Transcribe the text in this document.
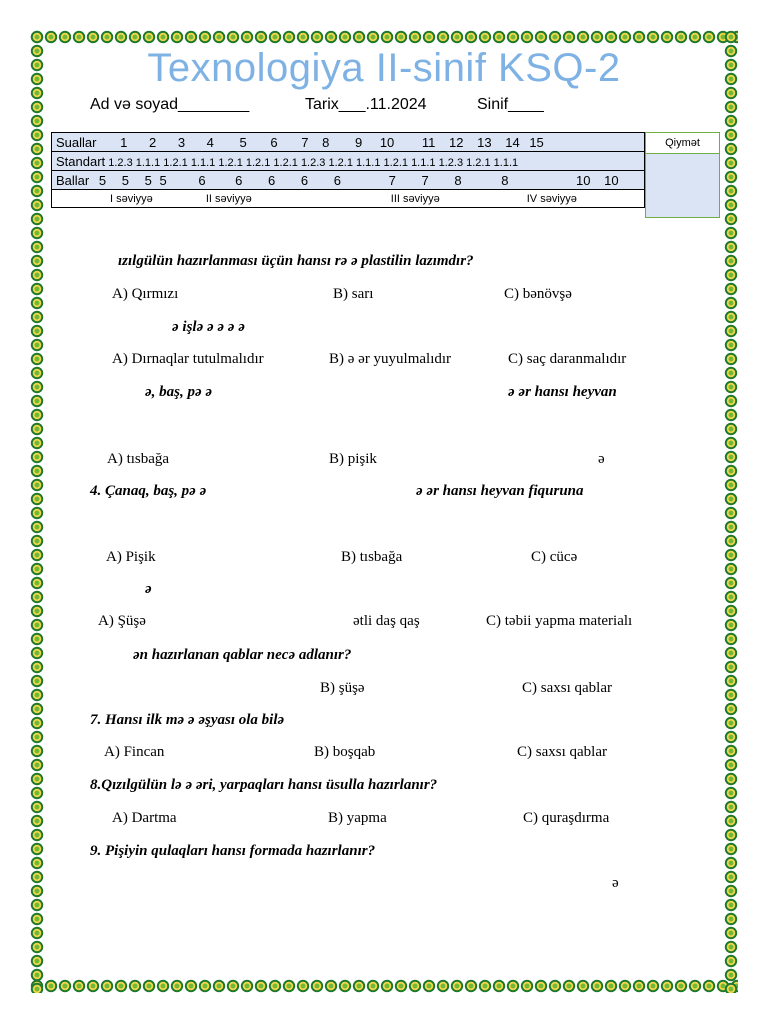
Texnologiya II-sinif KSQ-2
Ad və soyad________	Tarix___.11.2024	Sinif____
Suallar 1 2 3 4 5 6 7 8 9 10 11 12 13 14 15
Standart 1.2.3 1.1.1 1.2.1 1.1.1 1.2.1 1.2.1 1.2.1 1.2.3 1.2.1 1.1.1 1.2.1 1.1.1 1.2.3 1.2.1 1.1.1
Ballar 5 5 5 5 6 6 6 6 6	7 7 8	8	10 10
I səviyyə	II səviyyə	III səviyyə	IV səviyyə
Qiymət
ızılgülün hazırlanması üçün hansı rə ə plastilin lazımdır?
A) Qırmızı	B) sarı	C) bənövşə
ə işlə ə ə ə ə
A) Dırnaqlar tutulmalıdır	B) ə ər yuyulmalıdır	C) saç daranmalıdır
ə, baş, pə ə	ə ər hansı heyvan
A) tısbağa	B) pişik	ə
4. Çanaq, baş, pə ə	ə ər hansı heyvan fiquruna
A) Pişik	B) tısbağa	C) cücə
ə
A) Şüşə	ətli daş qaş	C) təbii yapma materialı
ən hazırlanan qablar necə adlanır?
B) şüşə	C) saxsı qablar
7. Hansı ilk mə ə əşyası ola bilə
A) Fincan	B) boşqab	C) saxsı qablar
8.Qızılgülün lə ə əri, yarpaqları hansı üsulla hazırlanır?
A) Dartma	B) yapma	C) quraşdırma
9. Pişiyin qulaqları hansı formada hazırlanır?
ə
